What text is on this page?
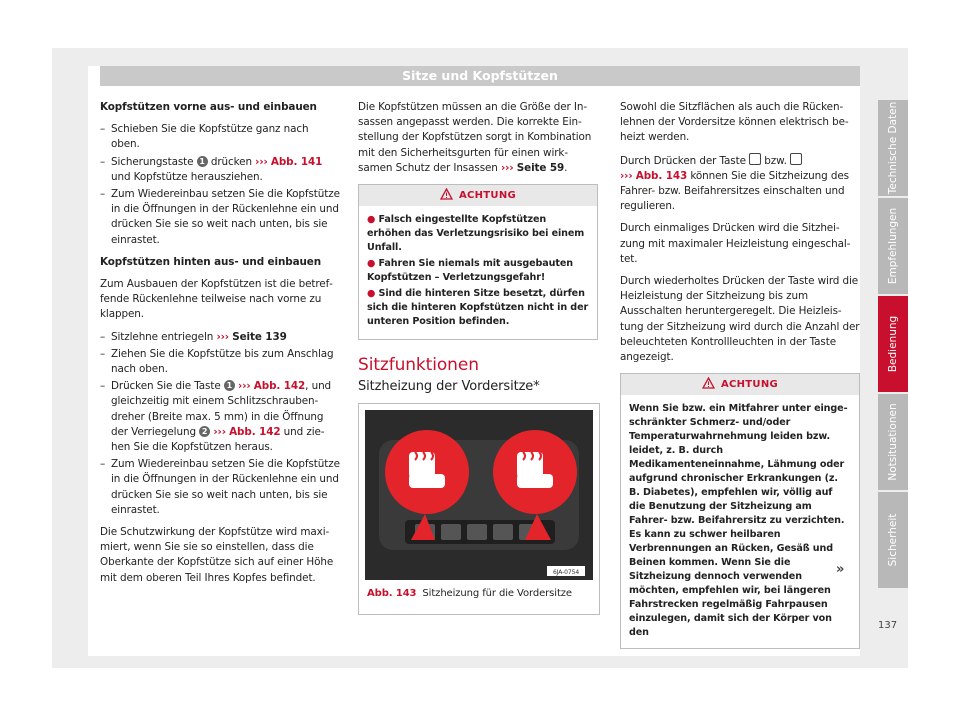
Sitze und Kopfstützen

Kopfstützen vorne aus- und einbauen

– Schieben Sie die Kopfstütze ganz nach oben.
– Sicherungstaste 1 drücken ››› Abb. 141 und Kopfstütze herausziehen.
– Zum Wiedereinbau setzen Sie die Kopfstütze in die Öffnungen in der Rückenlehne ein und drücken Sie sie so weit nach unten, bis sie einrastet.

Kopfstützen hinten aus- und einbauen

Zum Ausbauen der Kopfstützen ist die betreffende Rückenlehne teilweise nach vorne zu klappen.

– Sitzlehne entriegeln ››› Seite 139
– Ziehen Sie die Kopfstütze bis zum Anschlag nach oben.
– Drücken Sie die Taste 1 ››› Abb. 142, und gleichzeitig mit einem Schlitzschraubendreher (Breite max. 5 mm) in die Öffnung der Verriegelung 2 ››› Abb. 142 und ziehen Sie die Kopfstützen heraus.
– Zum Wiedereinbau setzen Sie die Kopfstütze in die Öffnungen in der Rückenlehne ein und drücken Sie sie so weit nach unten, bis sie einrastet.

Die Schutzwirkung der Kopfstütze wird maximiert, wenn Sie sie so einstellen, dass die Oberkante der Kopfstütze sich auf einer Höhe mit dem oberen Teil Ihres Kopfes befindet.

Die Kopfstützen müssen an die Größe der Insassen angepasst werden. Die korrekte Einstellung der Kopfstützen sorgt in Kombination mit den Sicherheitsgurten für einen wirksamen Schutz der Insassen ››› Seite 59.

ACHTUNG
● Falsch eingestellte Kopfstützen erhöhen das Verletzungsrisiko bei einem Unfall.
● Fahren Sie niemals mit ausgebauten Kopfstützen – Verletzungsgefahr!
● Sind die hinteren Sitze besetzt, dürfen sich die hinteren Kopfstützen nicht in der unteren Position befinden.
Sitzfunktionen
Sitzheizung der Vordersitze*
6JA-0754
Abb. 143 Sitzheizung für die Vordersitze

Sowohl die Sitzflächen als auch die Rückenlehnen der Vordersitze können elektrisch beheizt werden.

Durch Drücken der Taste  bzw.
››› Abb. 143 können Sie die Sitzheizung des Fahrer- bzw. Beifahrersitzes einschalten und regulieren.

Durch einmaliges Drücken wird die Sitzheizung mit maximaler Heizleistung eingeschaltet.

Durch wiederholtes Drücken der Taste wird die Heizleistung der Sitzheizung bis zum Ausschalten heruntergeregelt. Die Heizleistung der Sitzheizung wird durch die Anzahl der beleuchteten Kontrollleuchten in der Taste angezeigt.

ACHTUNG
Wenn Sie bzw. ein Mitfahrer unter eingeschränkter Schmerz- und/oder Temperaturwahrnehmung leiden bzw. leidet, z. B. durch Medikamenteneinnahme, Lähmung oder aufgrund chronischer Erkrankungen (z. B. Diabetes), empfehlen wir, völlig auf die Benutzung der Sitzheizung am Fahrer- bzw. Beifahrersitz zu verzichten. Es kann zu schwer heilbaren Verbrennungen an Rücken, Gesäß und Beinen kommen. Wenn Sie die Sitzheizung dennoch verwenden möchten, empfehlen wir, bei längeren Fahrstrecken regelmäßig Fahrpausen einzulegen, damit sich der Körper von den
»
Technische Daten
Empfehlungen
Bedienung
Notsituationen
Sicherheit
137
